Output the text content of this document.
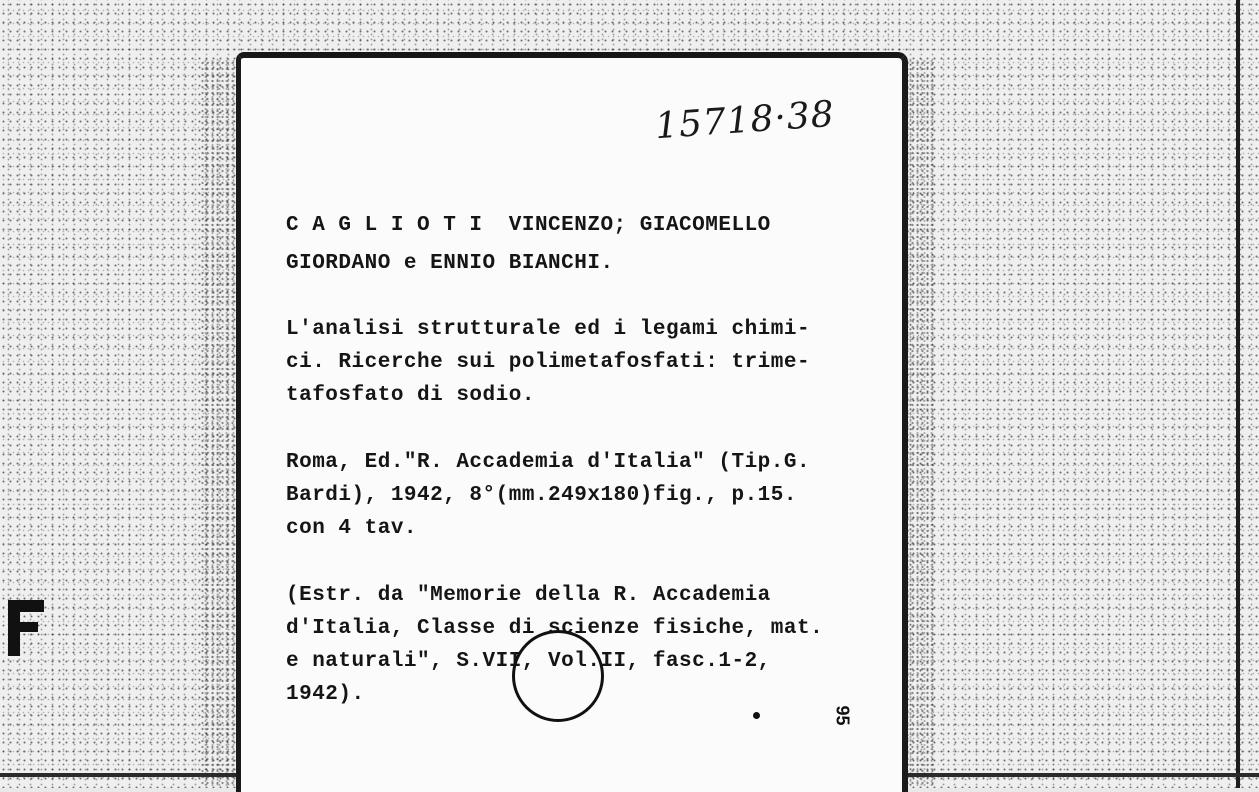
15718·38
C A G L I O T I  VINCENZO; GIACOMELLO
GIORDANO e ENNIO BIANCHI.
L'analisi strutturale ed i legami chimi-
ci. Ricerche sui polimetafosfati: trime-
tafosfato di sodio.
Roma, Ed."R. Accademia d'Italia" (Tip.G.
Bardi), 1942, 8°(mm.249x180)fig., p.15.
con 4 tav.
(Estr. da "Memorie della R. Accademia
d'Italia, Classe di scienze fisiche, mat.
e naturali", S.VII, Vol.II, fasc.1-2,
1942).
95
